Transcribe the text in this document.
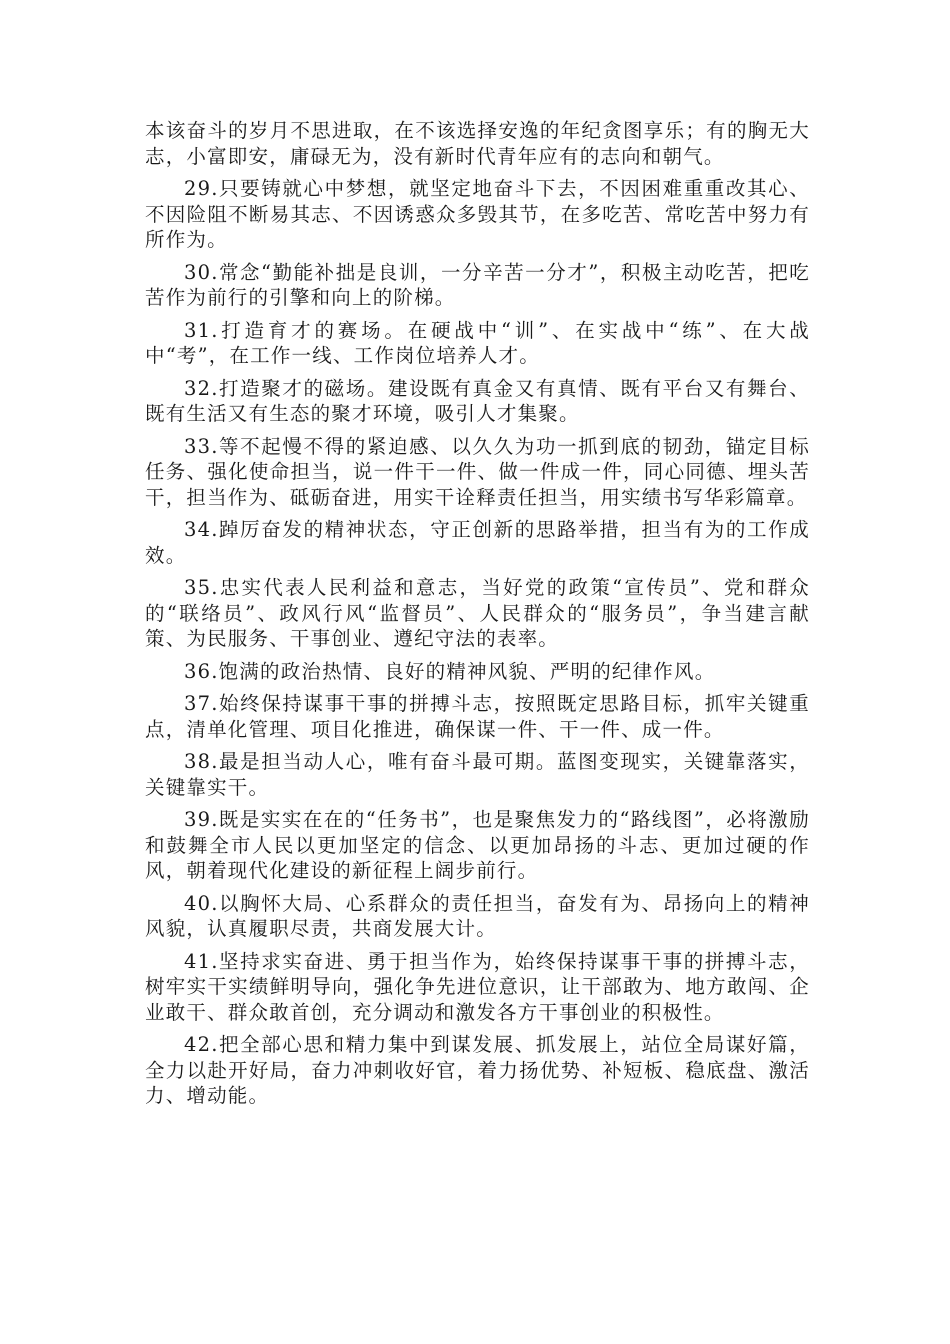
本该奋斗的岁月不思进取，在不该选择安逸的年纪贪图享乐；有的胸无大志，小富即安，庸碌无为，没有新时代青年应有的志向和朝气。

29.只要铸就心中梦想，就坚定地奋斗下去，不因困难重重改其心、不因险阻不断易其志、不因诱惑众多毁其节，在多吃苦、常吃苦中努力有所作为。

30.常念“勤能补拙是良训，一分辛苦一分才”，积极主动吃苦，把吃苦作为前行的引擎和向上的阶梯。

31.打造育才的赛场。在硬战中“训”、在实战中“练”、在大战中“考”，在工作一线、工作岗位培养人才。

32.打造聚才的磁场。建设既有真金又有真情、既有平台又有舞台、既有生活又有生态的聚才环境，吸引人才集聚。

33.等不起慢不得的紧迫感、以久久为功一抓到底的韧劲，锚定目标任务、强化使命担当，说一件干一件、做一件成一件，同心同德、埋头苦干，担当作为、砥砺奋进，用实干诠释责任担当，用实绩书写华彩篇章。

34.踔厉奋发的精神状态，守正创新的思路举措，担当有为的工作成效。

35.忠实代表人民利益和意志，当好党的政策“宣传员”、党和群众的“联络员”、政风行风“监督员”、人民群众的“服务员”，争当建言献策、为民服务、干事创业、遵纪守法的表率。

36.饱满的政治热情、良好的精神风貌、严明的纪律作风。

37.始终保持谋事干事的拼搏斗志，按照既定思路目标，抓牢关键重点，清单化管理、项目化推进，确保谋一件、干一件、成一件。

38.最是担当动人心，唯有奋斗最可期。蓝图变现实，关键靠落实，关键靠实干。

39.既是实实在在的“任务书”，也是聚焦发力的“路线图”，必将激励和鼓舞全市人民以更加坚定的信念、以更加昂扬的斗志、更加过硬的作风，朝着现代化建设的新征程上阔步前行。

40.以胸怀大局、心系群众的责任担当，奋发有为、昂扬向上的精神风貌，认真履职尽责，共商发展大计。

41.坚持求实奋进、勇于担当作为，始终保持谋事干事的拼搏斗志，树牢实干实绩鲜明导向，强化争先进位意识，让干部敢为、地方敢闯、企业敢干、群众敢首创，充分调动和激发各方干事创业的积极性。

42.把全部心思和精力集中到谋发展、抓发展上，站位全局谋好篇，全力以赴开好局，奋力冲刺收好官，着力扬优势、补短板、稳底盘、激活力、增动能。
